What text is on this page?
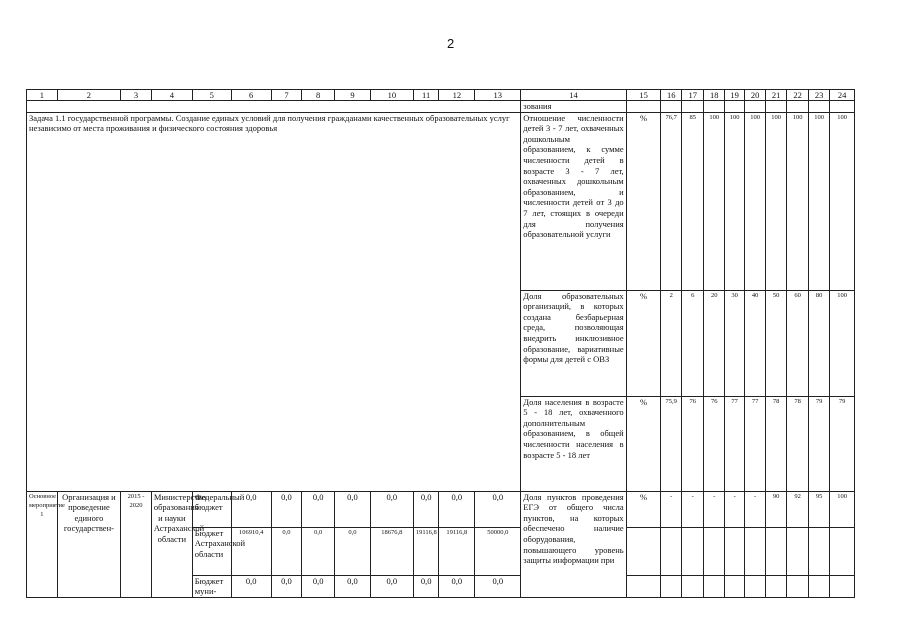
2
1	2	3	4	5	6	7	8	9	10	11	12	13	14	15	16	17	18	19	20	21	22	23	24
													зования										
Задача 1.1 государственной программы. Создание единых условий для получения гражданами качественных образовательных услуг независимо от места проживания и физического состояния здоровья													Отношение численности детей 3 - 7 лет, охваченных дошкольным образованием, к сумме численности детей в возрасте 3 - 7 лет, охваченных дошкольным образованием, и численности детей от 3 до 7 лет, стоящих в очереди для получения образовательной услуги	%	76,7	85	100	100	100	100	100	100	100
													Доля образовательных организаций, в которых создана безбарьерная среда, позволяющая внедрить инклюзивное образование, вариативные формы для детей с ОВЗ	%	2	6	20	30	40	50	60	80	100
													Доля населения в возрасте 5 - 18 лет, охваченного дополнительным образованием, в общей численности населения в возрасте 5 - 18 лет	%	75,9	76	76	77	77	78	78	79	79
Основное мероприятие 1	Организация и проведение единого государствен-	2015 - 2020	Министерство образования и науки Астраханской области	Федеральный бюджет	0,0	0,0	0,0	0,0	0,0	0,0	0,0	0,0	Доля пунктов проведения ЕГЭ от общего числа пунктов, на которых обеспечено наличие оборудования, повышающего уровень защиты информации при	%	-	-	-	-	-	90	92	95	100
				Бюджет Астраханской области	106910,4	0,0	0,0	0,0	18676,8	19116,8	19116,8	50000,0											
				Бюджет муни-	0,0	0,0	0,0	0,0	0,0	0,0	0,0	0,0											
